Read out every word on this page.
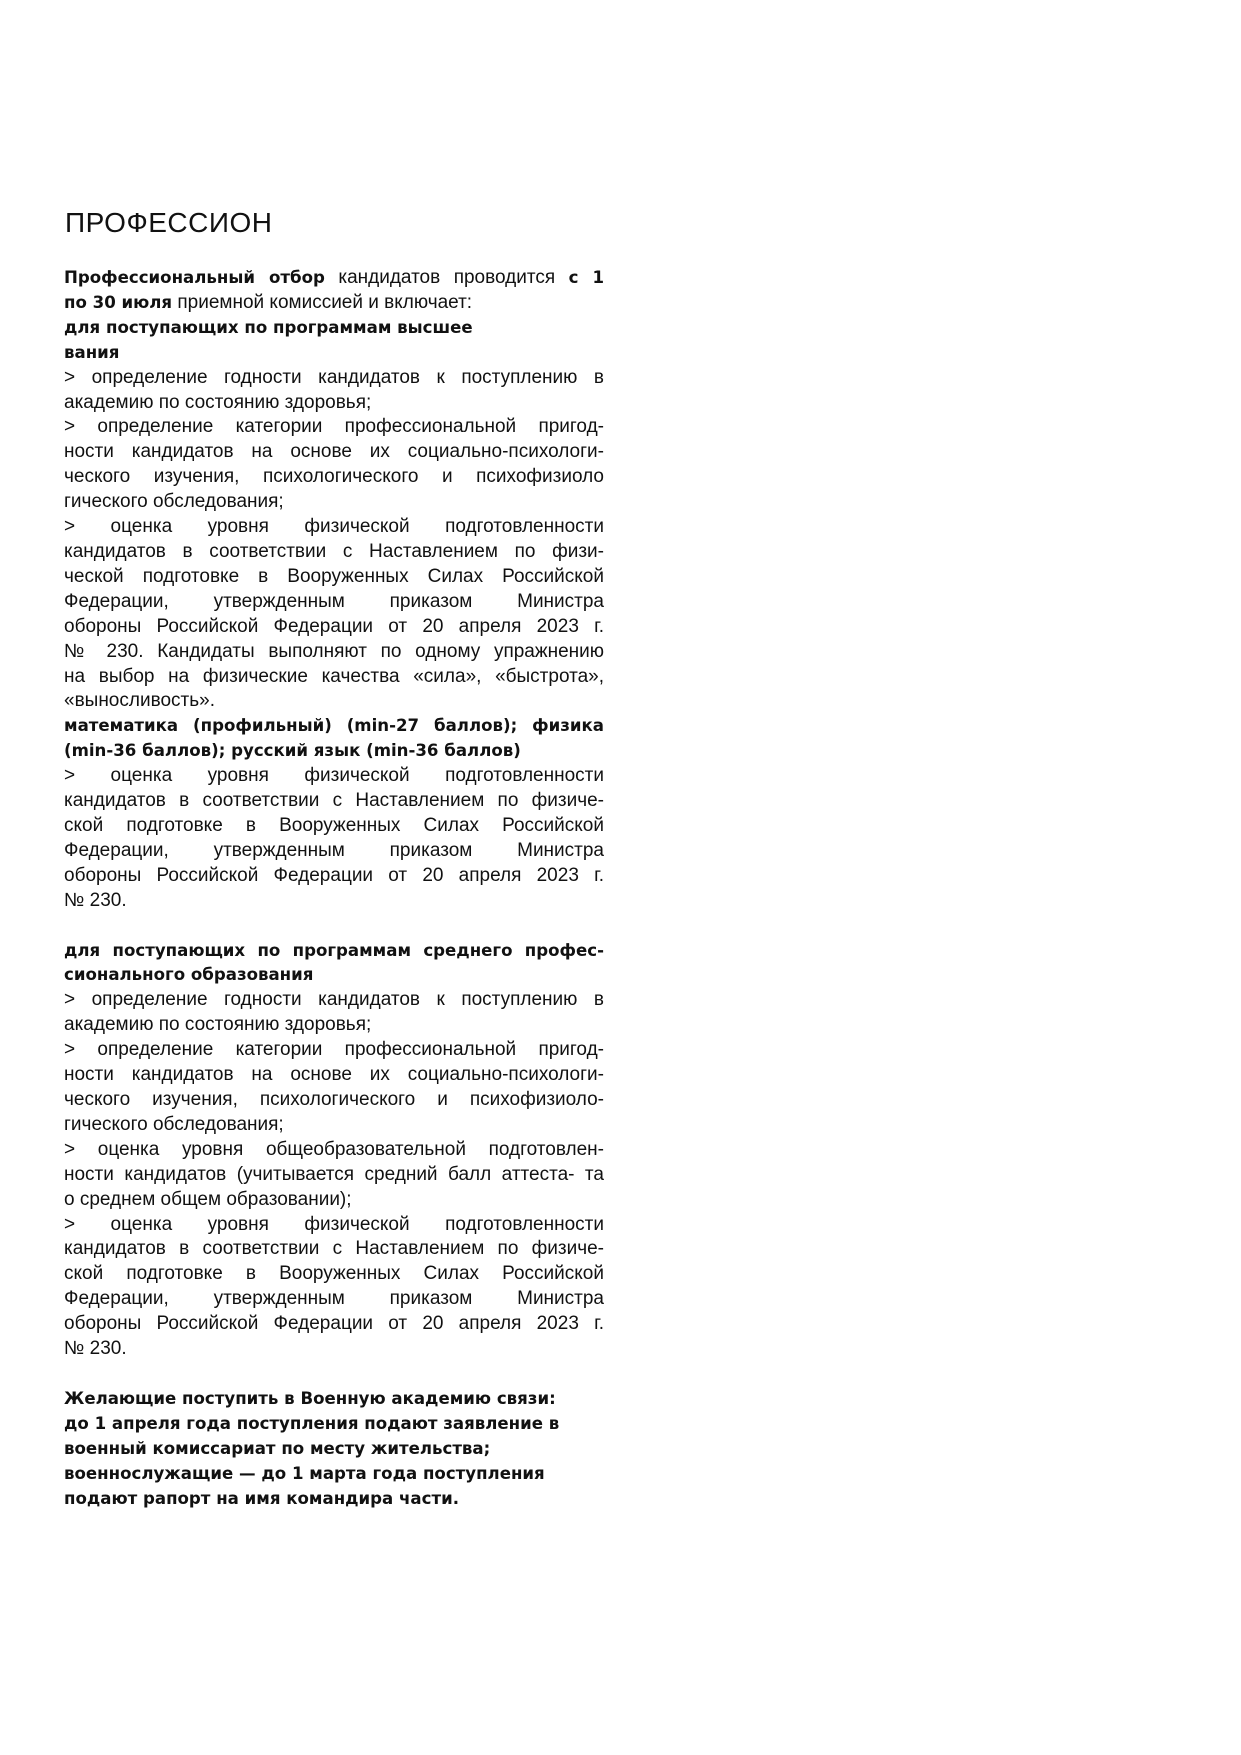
ПРОФЕССИОН

Профессиональный отбор кандидатов проводится с 1

по 30 июля приемной комиссией и включает:

для поступающих по программам высшее

вания

> определение годности кандидатов к поступлению в

академию по состоянию здоровья;

> определение категории профессиональной пригод-

ности кандидатов на основе их социально-психологи-

ческого изучения, психологического и психофизиоло

гического обследования;

> оценка уровня физической подготовленности

кандидатов в соответствии с Наставлением по физи-

ческой подготовке в Вооруженных Силах Российской

Федерации, утвержденным приказом Министра

обороны Российской Федерации от 20 апреля 2023 г.

№ 230. Кандидаты выполняют по одному упражнению

на выбор на физические качества «сила», «быстрота»,

«выносливость».

математика (профильный) (min-27 баллов); физика

(min-36 баллов); русский язык (min-36 баллов)

> оценка уровня физической подготовленности

кандидатов в соответствии с Наставлением по физиче-

ской подготовке в Вооруженных Силах Российской

Федерации, утвержденным приказом Министра

обороны Российской Федерации от 20 апреля 2023 г.

№ 230.

для поступающих по программам среднего профес-

сионального образования

> определение годности кандидатов к поступлению в

академию по состоянию здоровья;

> определение категории профессиональной пригод-

ности кандидатов на основе их социально-психологи-

ческого изучения, психологического и психофизиоло-

гического обследования;

> оценка уровня общеобразовательной подготовлен-

ности кандидатов (учитывается средний балл аттеста- та

о среднем общем образовании);

> оценка уровня физической подготовленности

кандидатов в соответствии с Наставлением по физиче-

ской подготовке в Вооруженных Силах Российской

Федерации, утвержденным приказом Министра

обороны Российской Федерации от 20 апреля 2023 г.

№ 230.

Желающие поступить в Военную академию связи:

до 1 апреля года поступления подают заявление в

военный комиссариат по месту жительства;

военнослужащие — до 1 марта года поступления

подают рапорт на имя командира части.
